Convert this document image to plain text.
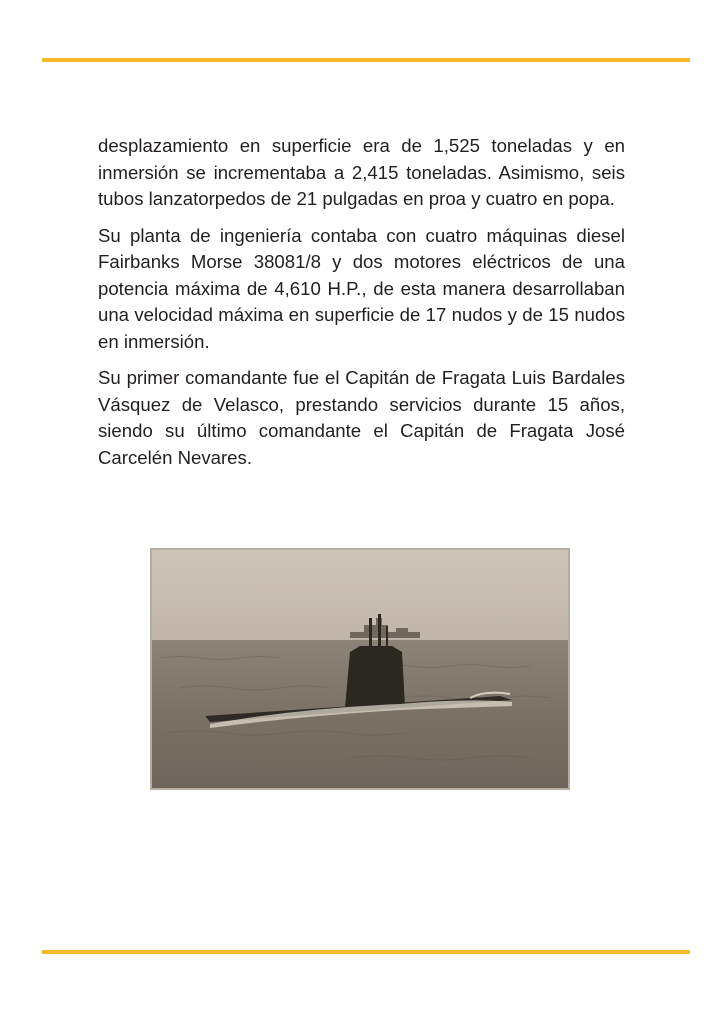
desplazamiento en superficie era de 1,525 toneladas y en inmersión se incrementaba a 2,415 toneladas. Asimismo, seis tubos lanzatorpedos de 21 pulgadas en proa y cuatro en popa.

Su planta de ingeniería contaba con cuatro máquinas diesel Fairbanks Morse 38081/8 y dos motores eléctricos de una potencia máxima de 4,610 H.P., de esta manera desarrollaban una velocidad máxima en superficie de 17 nudos y de 15 nudos en inmersión.

Su primer comandante fue el Capitán de Fragata Luis Bardales Vásquez de Velasco, prestando servicios durante 15 años, siendo su último comandante el Capitán de Fragata José Carcelén Nevares.
